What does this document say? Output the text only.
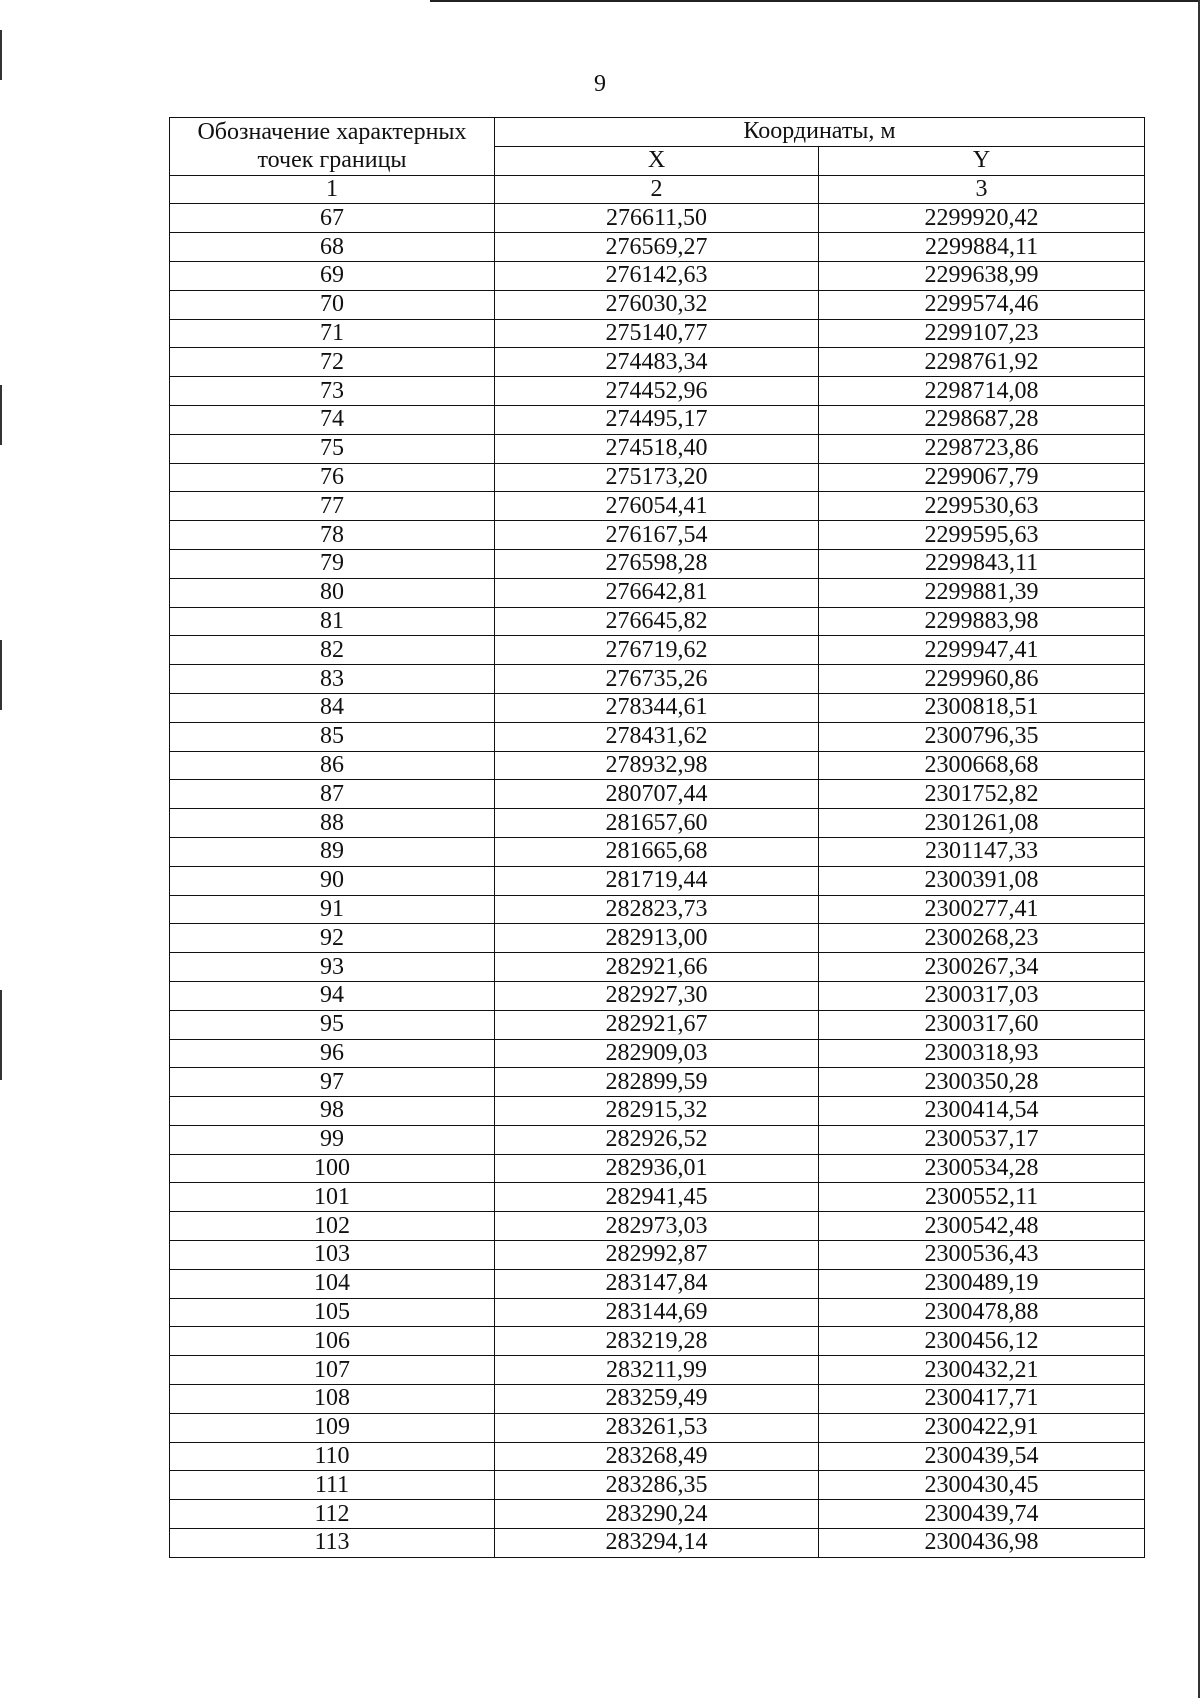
9
Обозначение характерных точек границы	Координаты, м	
	X	Y
1	2	3
67	276611,50	2299920,42
68	276569,27	2299884,11
69	276142,63	2299638,99
70	276030,32	2299574,46
71	275140,77	2299107,23
72	274483,34	2298761,92
73	274452,96	2298714,08
74	274495,17	2298687,28
75	274518,40	2298723,86
76	275173,20	2299067,79
77	276054,41	2299530,63
78	276167,54	2299595,63
79	276598,28	2299843,11
80	276642,81	2299881,39
81	276645,82	2299883,98
82	276719,62	2299947,41
83	276735,26	2299960,86
84	278344,61	2300818,51
85	278431,62	2300796,35
86	278932,98	2300668,68
87	280707,44	2301752,82
88	281657,60	2301261,08
89	281665,68	2301147,33
90	281719,44	2300391,08
91	282823,73	2300277,41
92	282913,00	2300268,23
93	282921,66	2300267,34
94	282927,30	2300317,03
95	282921,67	2300317,60
96	282909,03	2300318,93
97	282899,59	2300350,28
98	282915,32	2300414,54
99	282926,52	2300537,17
100	282936,01	2300534,28
101	282941,45	2300552,11
102	282973,03	2300542,48
103	282992,87	2300536,43
104	283147,84	2300489,19
105	283144,69	2300478,88
106	283219,28	2300456,12
107	283211,99	2300432,21
108	283259,49	2300417,71
109	283261,53	2300422,91
110	283268,49	2300439,54
111	283286,35	2300430,45
112	283290,24	2300439,74
113	283294,14	2300436,98
